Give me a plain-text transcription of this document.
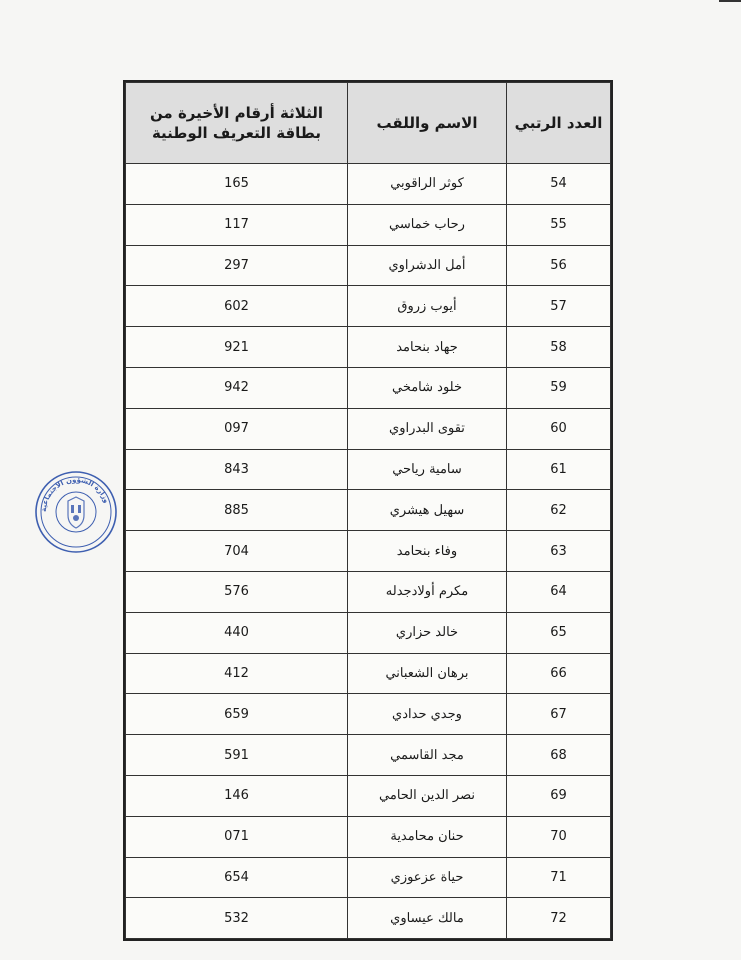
العدد الرتبي	الاسم واللقب	الثلاثة أرقام الأخيرة من بطاقة التعريف الوطنية
54	كوثر الراقوبي	165
55	رحاب خماسي	117
56	أمل الدشراوي	297
57	أيوب زروق	602
58	جهاد بنحامد	921
59	خلود شامخي	942
60	تقوى البدراوي	097
61	سامية رياحي	843
62	سهيل هيشري	885
63	وفاء بنحامد	704
64	مكرم أولادجدله	576
65	خالد حزاري	440
66	برهان الشعباني	412
67	وجدي حدادي	659
68	مجد القاسمي	591
69	نصر الدين الحامي	146
70	حنان محامدية	071
71	حياة عزعوزي	654
72	مالك عيساوي	532
وزارة الشؤون الاجتماعية
